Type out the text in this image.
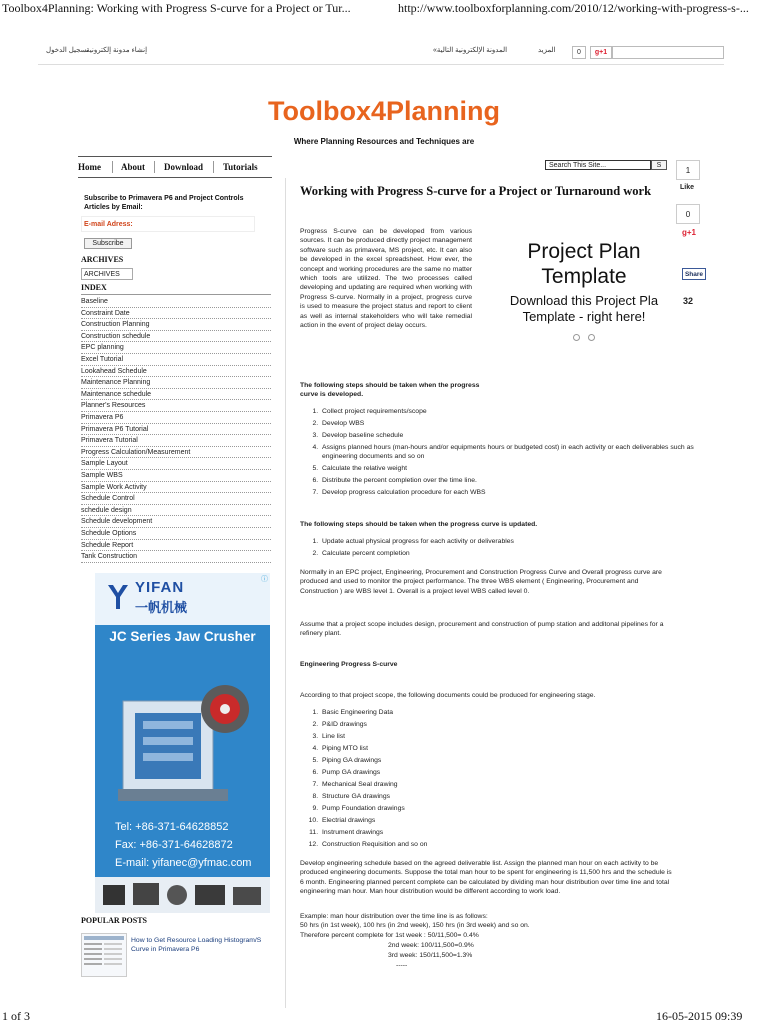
Toolbox4Planning: Working with Progress S-curve for a Project or Tur...	http://www.toolboxforplanning.com/2010/12/working-with-progress-s-...
0	g+1
المزيد
المدونة الإلكترونية التالية»
إنشاء مدونة إلكترونية
تسجيل الدخول
Toolbox4Planning
Where Planning Resources and Techniques are
Home About Download Tutorials	Search This Site...	S
1
Like
0
g+1
Share
32
Subscribe to Primavera P6 and Project Controls Articles by Email:
E-mail Adress:
Subscribe
ARCHIVES
ARCHIVES
INDEX
Baseline
Constraint Date
Construction Planning
Construction schedule
EPC planning
Excel Tutorial
Lookahead Schedule
Maintenance Planning
Maintenance schedule
Planner's Resources
Primavera P6
Primavera P6 Tutorial
Primavera Tutorial
Progress Calculation/Measurement
Sample Layout
Sample WBS
Sample Work Activity
Schedule Control
schedule design
Schedule development
Schedule Options
Schedule Report
Tank Construction
YIFAN
一帆机械
ⓘ
JC Series Jaw Crusher
Tel: +86-371-64628852
Fax: +86-371-64628872
E-mail: yifanec@yfmac.com
POPULAR POSTS
How to Get Resource Loading Histogram/S Curve in Primavera P6
Working with Progress S-curve for a Project or Turnaround work
Progress S-curve can be developed from various sources. It can be produced directly project management software such as primavera, MS project, etc. It can also be developed in the excel spreadsheet. How ever, the concept and working procedures are the same no matter which tools are utilized. The two processes called developing and updating are required when working with Progress S-curve. Normally in a project, progress curve is used to measure the project status and report to client as well as internal stakeholders who will take remedial action in the event of project delay occurs.
Project Plan
Template
Download this Project Pla
Template - right here!
The following steps should be taken when the progress curve is developed.
1. Collect project requirements/scope
2. Develop WBS
3. Develop baseline schedule
4. Assigns planned hours (man-hours and/or equipments hours or budgeted cost) in each activity or each deliverables such as engineering documents and so on
5. Calculate the relative weight
6. Distribute the percent completion over the time line.
7. Develop progress calculation procedure for each WBS
The following steps should be taken when the progress curve is updated.
1. Update actual physical progress for each activity or deliverables
2. Calculate percent completion
Normally in an EPC project, Engineering, Procurement and Construction Progress Curve and Overall progress curve are produced and used to monitor the project performance. The three WBS element ( Engineering, Procurement and Construction ) are WBS level 1. Overall is a project level WBS called level 0.
Assume that a project scope includes design, procurement and construction of pump station and additonal pipelines for a refinery plant.
Engineering Progress S-curve
According to that project scope, the following documents could be produced for engineering stage.
1. Basic Engineering Data
2. P&ID drawings
3. Line list
4. Piping MTO list
5. Piping GA drawings
6. Pump GA drawings
7. Mechanical Seal drawing
8. Structure GA drawings
9. Pump Foundation drawings
10. Electrial drawings
11. Instrument drawings
12. Construction Requisition and so on
Develop engineering schedule based on the agreed deliverable list. Assign the planned man hour on each activity to be produced engineering documents. Suppose the total man hour to be spent for engineering is 11,500 hrs and the schedule is 6 month. Engineering planned percent complete can be calculated by dividing man hour distribution over time line and total engineering man hour. Man hour distribution would be different according to work load.
Example: man hour distribution over the time line is as follows:
50 hrs (in 1st week), 100 hrs (in 2nd week), 150 hrs (in 3rd week) and so on.
Therefore percent complete for 1st week : 50/11,500= 0.4%
2nd week: 100/11,500=0.9%
3rd week: 150/11,500=1.3%
-----
1 of 3	16-05-2015 09:39
